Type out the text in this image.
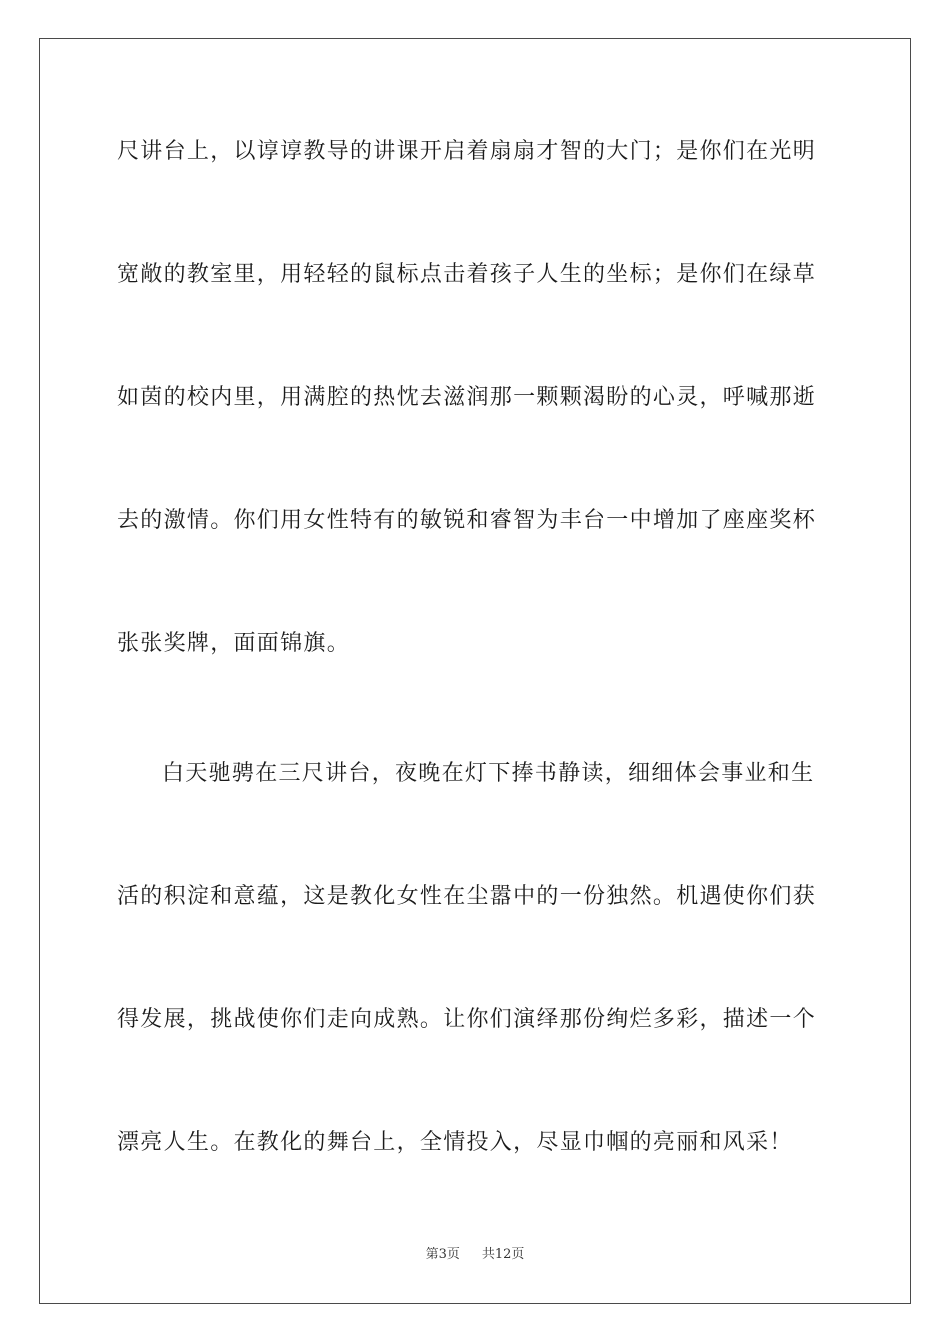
尺讲台上，以谆谆教导的讲课开启着扇扇才智的大门；是你们在光明
宽敞的教室里，用轻轻的鼠标点击着孩子人生的坐标；是你们在绿草
如茵的校内里，用满腔的热忱去滋润那一颗颗渴盼的心灵，呼喊那逝
去的激情。你们用女性特有的敏锐和睿智为丰台一中增加了座座奖杯
张张奖牌，面面锦旗。
白天驰骋在三尺讲台，夜晚在灯下捧书静读，细细体会事业和生
活的积淀和意蕴，这是教化女性在尘嚣中的一份独然。机遇使你们获
得发展，挑战使你们走向成熟。让你们演绎那份绚烂多彩，描述一个
漂亮人生。在教化的舞台上，全情投入，尽显巾帼的亮丽和风采！
第3页 共12页
